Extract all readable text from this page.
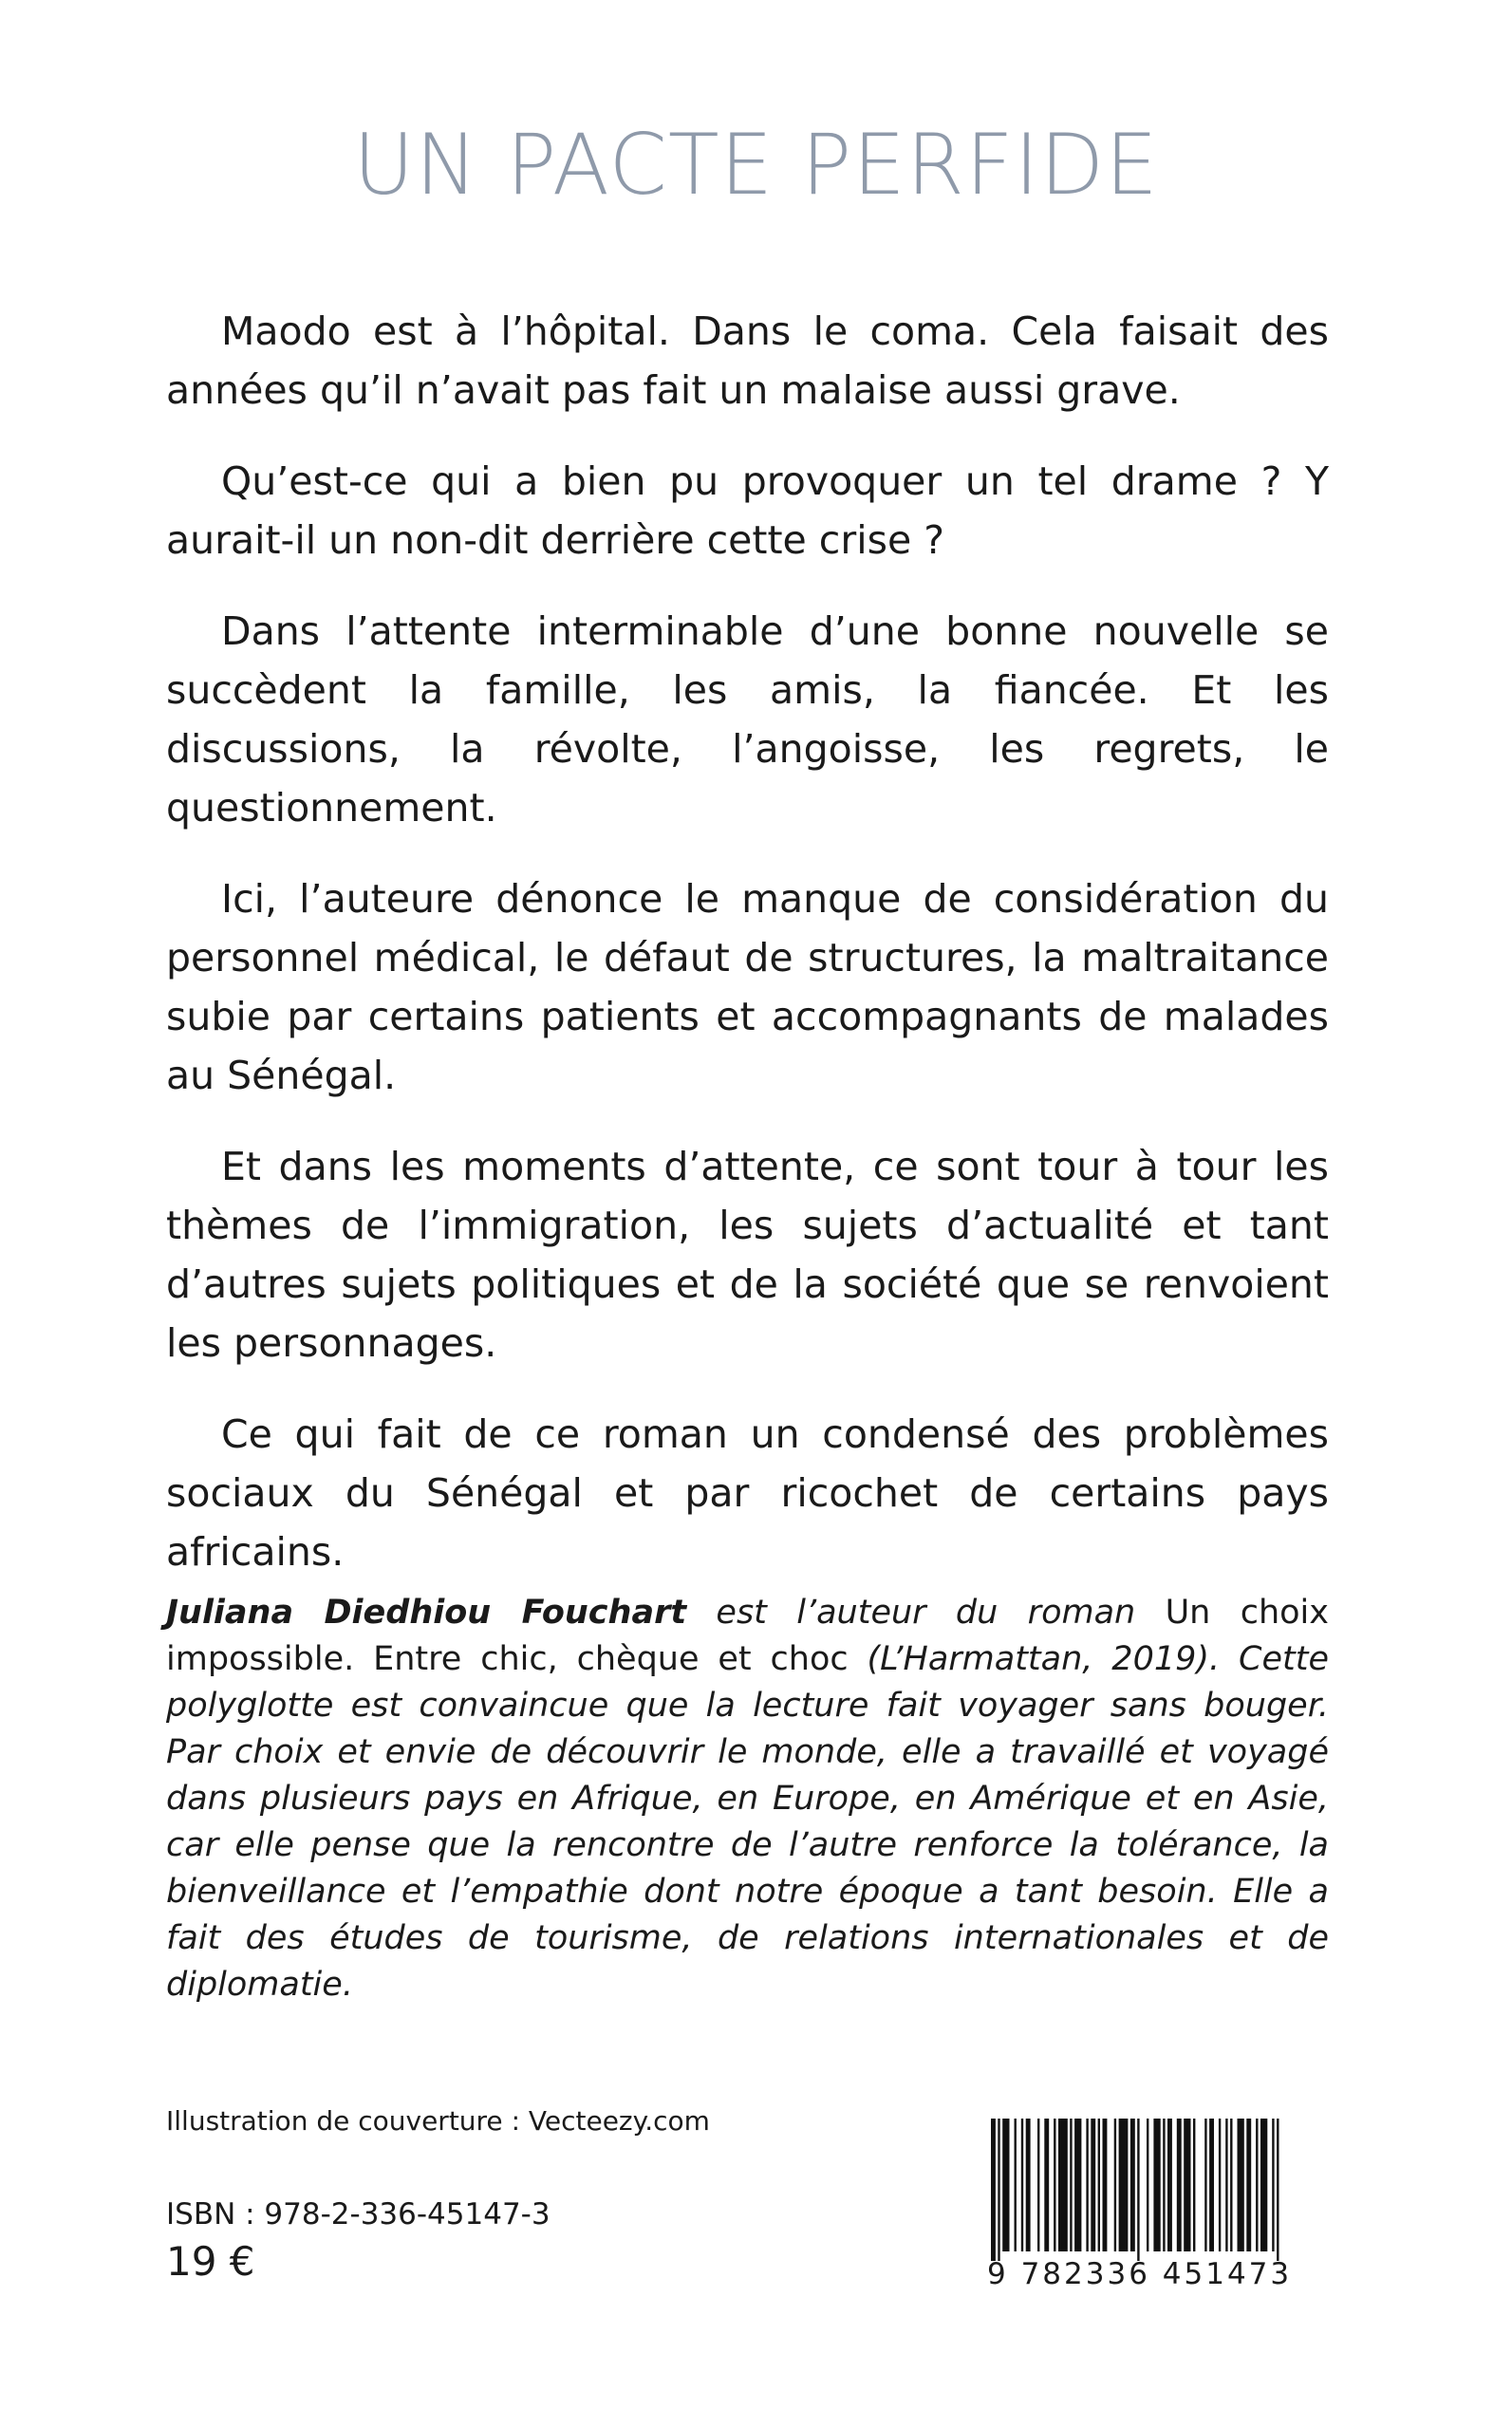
UN PACTE PERFIDE

Maodo est à l’hôpital. Dans le coma. Cela faisait des années qu’il n’avait pas fait un malaise aussi grave.

Qu’est-ce qui a bien pu provoquer un tel drame ? Y aurait-il un non-dit derrière cette crise ?

Dans l’attente interminable d’une bonne nouvelle se succèdent la famille, les amis, la fiancée. Et les discussions, la révolte, l’angoisse, les regrets, le questionnement.

Ici, l’auteure dénonce le manque de considération du personnel médical, le défaut de structures, la maltraitance subie par certains patients et accompagnants de malades au Sénégal.

Et dans les moments d’attente, ce sont tour à tour les thèmes de l’immigration, les sujets d’actualité et tant d’autres sujets politiques et de la société que se renvoient les personnages.

Ce qui fait de ce roman un condensé des problèmes sociaux du Sénégal et par ricochet de certains pays africains.

Juliana Diedhiou Fouchart est l’auteur du roman Un choix impossible. Entre chic, chèque et choc (L’Harmattan, 2019). Cette polyglotte est convaincue que la lecture fait voyager sans bouger. Par choix et envie de découvrir le monde, elle a travaillé et voyagé dans plusieurs pays en Afrique, en Europe, en Amérique et en Asie, car elle pense que la rencontre de l’autre renforce la tolérance, la bienveillance et l’empathie dont notre époque a tant besoin. Elle a fait des études de tourisme, de relations internationales et de diplomatie.
Illustration de couverture : Vecteezy.com
ISBN : 978-2-336-45147-3
19 €	9 782336 451473
